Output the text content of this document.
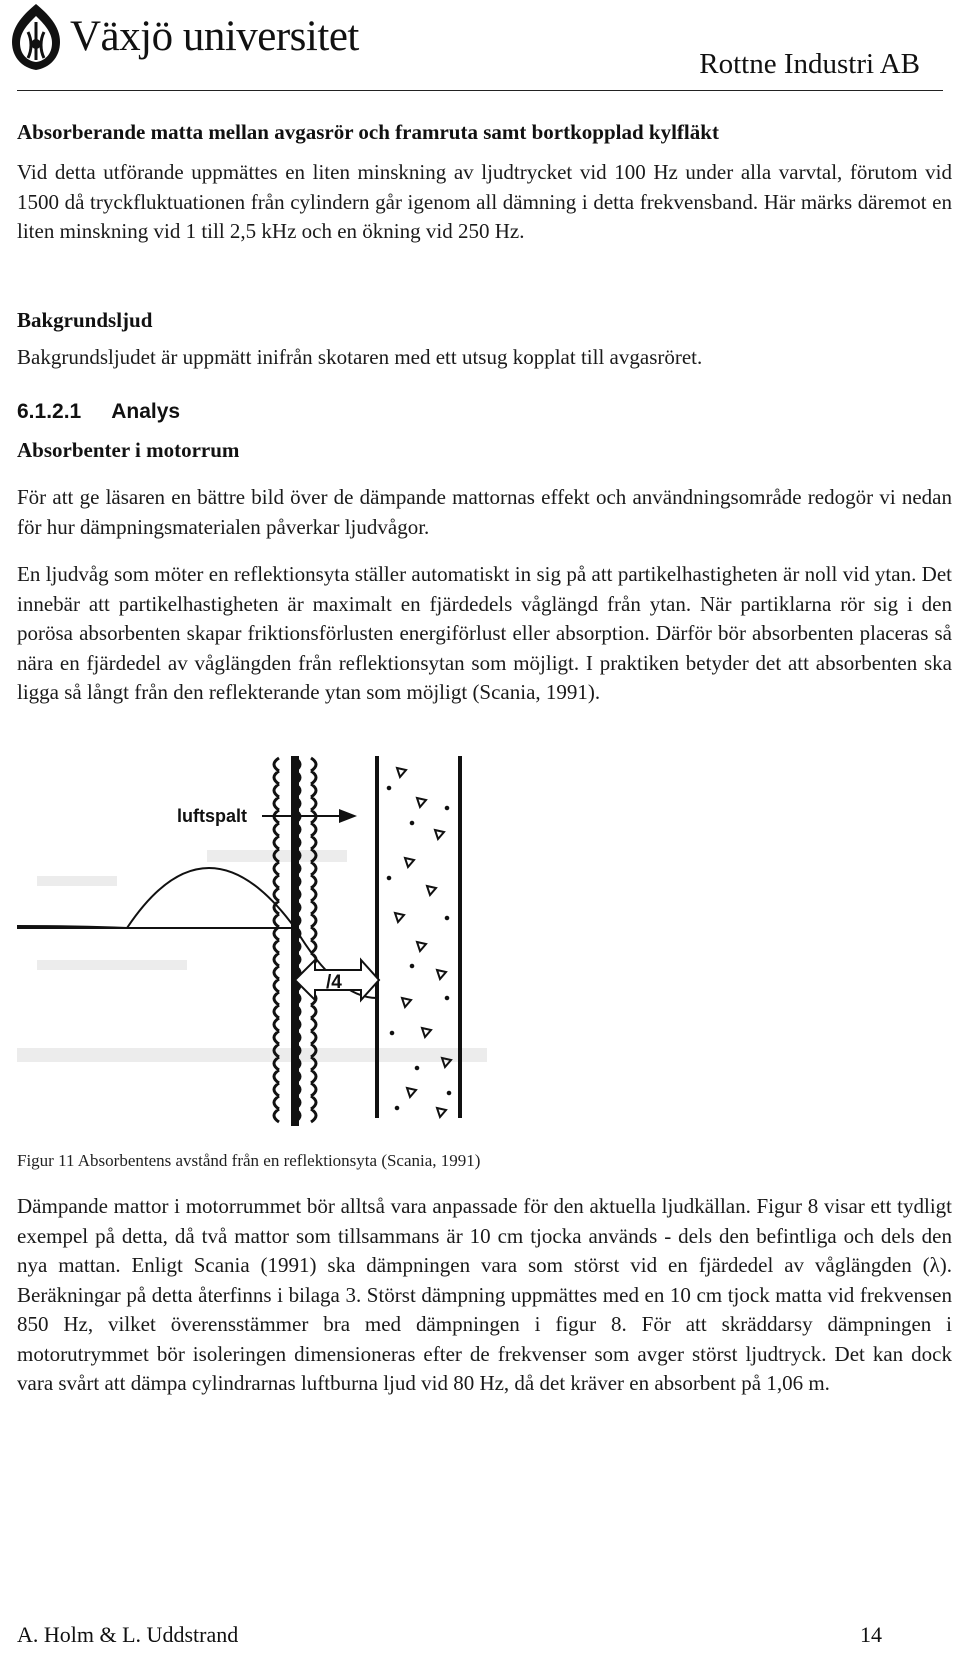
Växjö universitet
Rottne Industri AB
Absorberande matta mellan avgasrör och framruta samt bortkopplad kylfläkt
Vid detta utförande uppmättes en liten minskning av ljudtrycket vid 100 Hz under alla varvtal, förutom vid 1500 då tryckfluktuationen från cylindern går igenom all dämning i detta frekvensband. Här märks däremot en liten minskning vid 1 till 2,5 kHz och en ökning vid 250 Hz.
Bakgrundsljud
Bakgrundsljudet är uppmätt inifrån skotaren med ett utsug kopplat till avgasröret.
6.1.2.1 Analys
Absorbenter i motorrum
För att ge läsaren en bättre bild över de dämpande mattornas effekt och användningsområde redogör vi nedan för hur dämpningsmaterialen påverkar ljudvågor.
En ljudvåg som möter en reflektionsyta ställer automatiskt in sig på att partikelhastigheten är noll vid ytan. Det innebär att partikelhastigheten är maximalt en fjärdedels våglängd från ytan. När partiklarna rör sig i den porösa absorbenten skapar friktionsförlusten energiförlust eller absorption. Därför bör absorbenten placeras så nära en fjärdedel av våglängden från reflektionsytan som möjligt. I praktiken betyder det att absorbenten ska ligga så långt från den reflekterande ytan som möjligt (Scania, 1991).
luftspalt
/4
Figur 11 Absorbentens avstånd från en reflektionsyta (Scania, 1991)
Dämpande mattor i motorrummet bör alltså vara anpassade för den aktuella ljudkällan. Figur 8 visar ett tydligt exempel på detta, då två mattor som tillsammans är 10 cm tjocka används - dels den befintliga och dels den nya mattan. Enligt Scania (1991) ska dämpningen vara som störst vid en fjärdedel av våglängden (λ). Beräkningar på detta återfinns i bilaga 3. Störst dämpning uppmättes med en 10 cm tjock matta vid frekvensen 850 Hz, vilket överensstämmer bra med dämpningen i figur 8. För att skräddarsy dämpningen i motorutrymmet bör isoleringen dimensioneras efter de frekvenser som avger störst ljudtryck. Det kan dock vara svårt att dämpa cylindrarnas luftburna ljud vid 80 Hz, då det kräver en absorbent på 1,06 m.
A. Holm & L. Uddstrand	14
